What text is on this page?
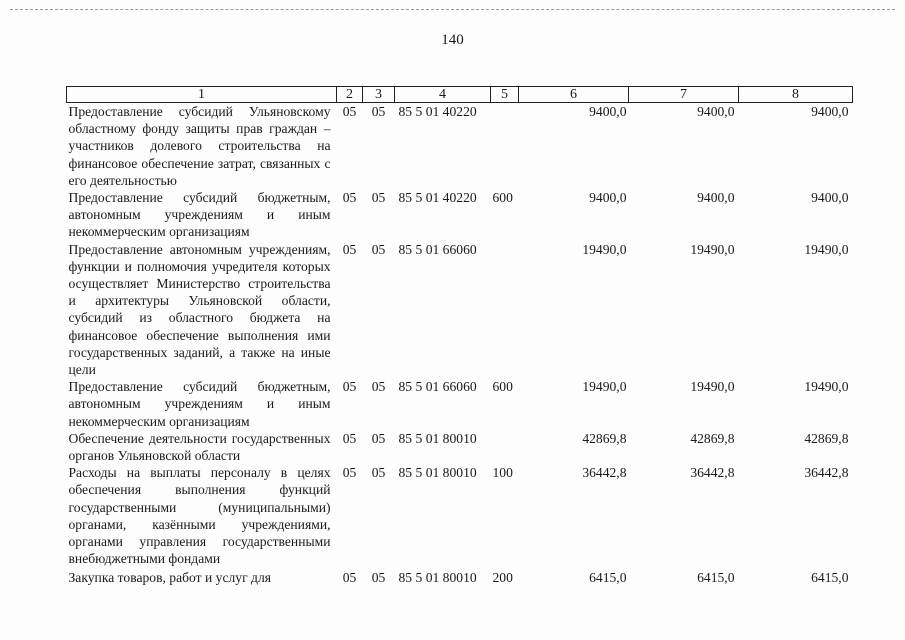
140
1	2	3	4	5	6	7	8
Предоставление субсидий Ульяновскому областному фонду защиты прав граждан – участников долевого строительства на финансовое обеспечение затрат, связанных с его деятельностью	05	05	85 5 01 40220		9400,0	9400,0	9400,0
Предоставление субсидий бюджетным, автономным учреждениям и иным некоммерческим организациям	05	05	85 5 01 40220	600	9400,0	9400,0	9400,0
Предоставление автономным учреждениям, функции и полномочия учредителя которых осуществляет Министерство строительства и архитектуры Ульяновской области, субсидий из областного бюджета на финансовое обеспечение выполнения ими государственных заданий, а также на иные цели	05	05	85 5 01 66060		19490,0	19490,0	19490,0
Предоставление субсидий бюджетным, автономным учреждениям и иным некоммерческим организациям	05	05	85 5 01 66060	600	19490,0	19490,0	19490,0
Обеспечение деятельности государственных органов Ульяновской области	05	05	85 5 01 80010		42869,8	42869,8	42869,8
Расходы на выплаты персоналу в целях обеспечения выполнения функций государственными (муниципальными) органами, казёнными учреждениями, органами управления государственными внебюджетными фондами	05	05	85 5 01 80010	100	36442,8	36442,8	36442,8
Закупка товаров, работ и услуг для	05	05	85 5 01 80010	200	6415,0	6415,0	6415,0
